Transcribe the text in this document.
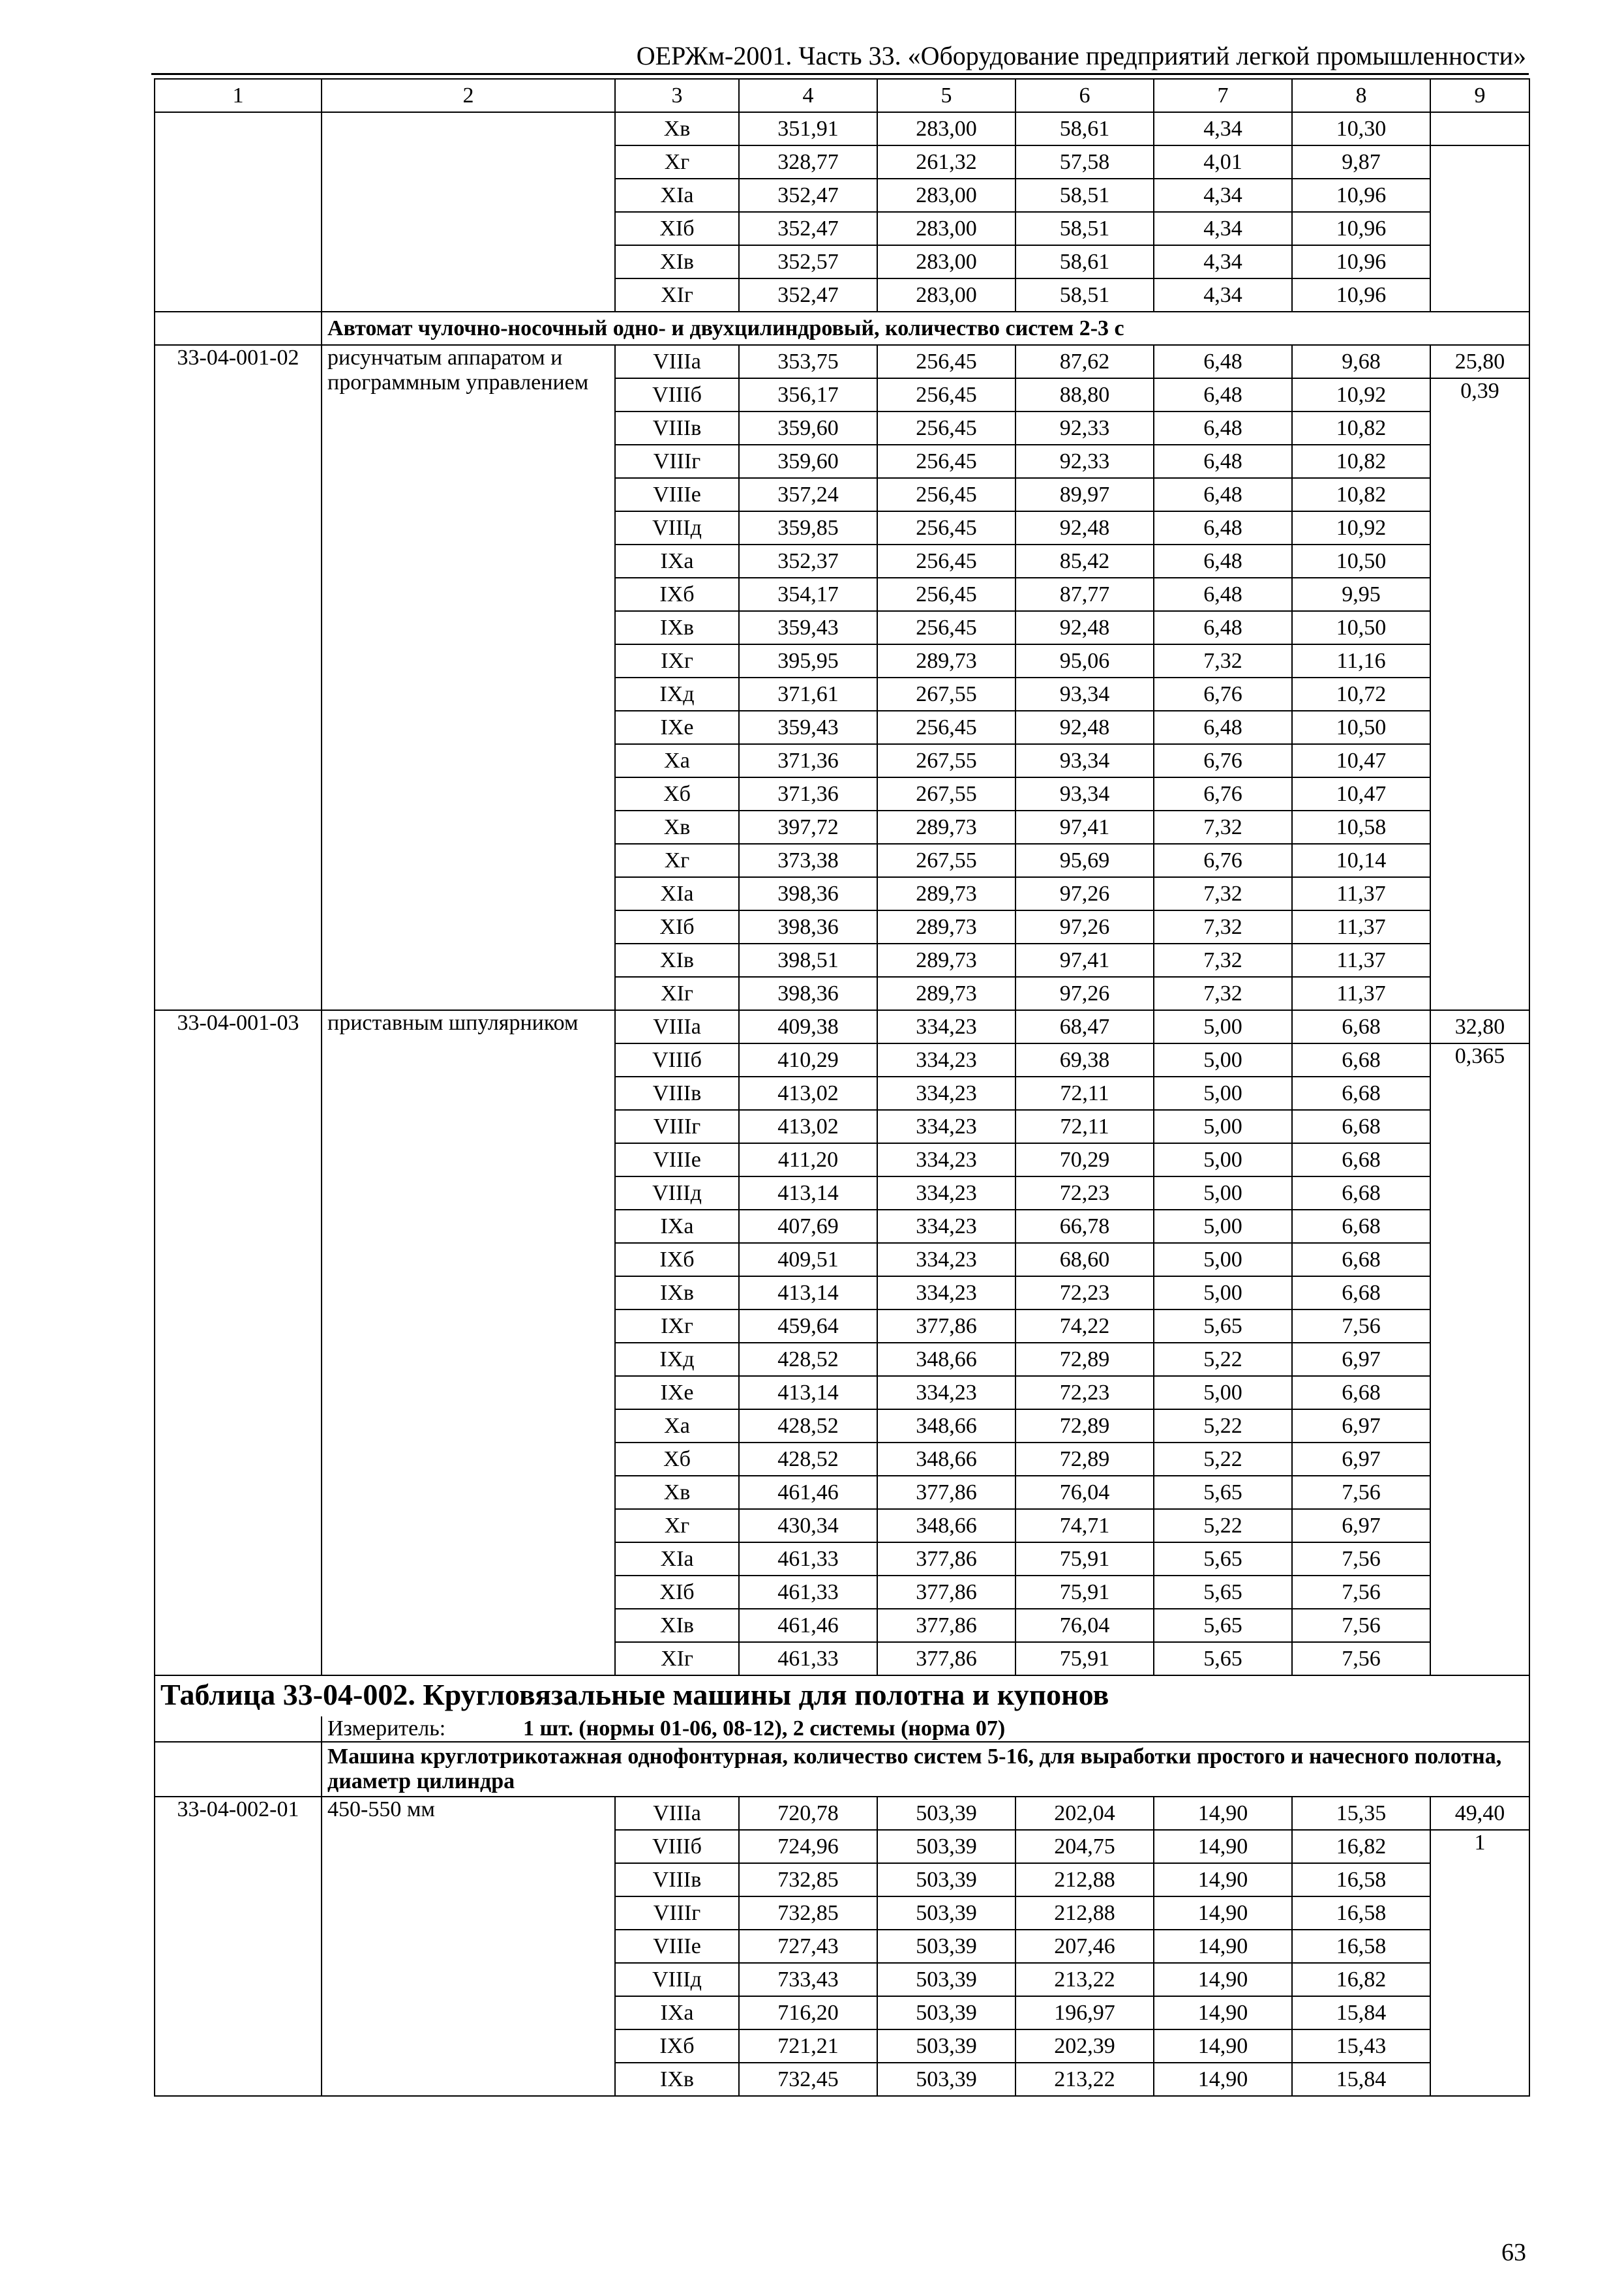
ОЕРЖм-2001. Часть 33. «Оборудование предприятий легкой промышленности»
1	2	3	4	5	6	7	8	9
		Xв	351,91	283,00	58,61	4,34	10,30	
		Xг	328,77	261,32	57,58	4,01	9,87	
		XIа	352,47	283,00	58,51	4,34	10,96	
		XIб	352,47	283,00	58,51	4,34	10,96	
		XIв	352,57	283,00	58,61	4,34	10,96	
		XIг	352,47	283,00	58,51	4,34	10,96	
	Автомат чулочно-носочный одно- и двухцилиндровый, количество систем 2-3 с							
33-04-001-02	рисунчатым аппаратом и программным управлением	VIIIа	353,75	256,45	87,62	6,48	9,68	25,80
		VIIIб	356,17	256,45	88,80	6,48	10,92	0,39
		VIIIв	359,60	256,45	92,33	6,48	10,82	
		VIIIг	359,60	256,45	92,33	6,48	10,82	
		VIIIе	357,24	256,45	89,97	6,48	10,82	
		VIIIд	359,85	256,45	92,48	6,48	10,92	
		IXа	352,37	256,45	85,42	6,48	10,50	
		IXб	354,17	256,45	87,77	6,48	9,95	
		IXв	359,43	256,45	92,48	6,48	10,50	
		IXг	395,95	289,73	95,06	7,32	11,16	
		IXд	371,61	267,55	93,34	6,76	10,72	
		IXе	359,43	256,45	92,48	6,48	10,50	
		Xа	371,36	267,55	93,34	6,76	10,47	
		Xб	371,36	267,55	93,34	6,76	10,47	
		Xв	397,72	289,73	97,41	7,32	10,58	
		Xг	373,38	267,55	95,69	6,76	10,14	
		XIа	398,36	289,73	97,26	7,32	11,37	
		XIб	398,36	289,73	97,26	7,32	11,37	
		XIв	398,51	289,73	97,41	7,32	11,37	
		XIг	398,36	289,73	97,26	7,32	11,37	
33-04-001-03	приставным шпулярником	VIIIа	409,38	334,23	68,47	5,00	6,68	32,80
		VIIIб	410,29	334,23	69,38	5,00	6,68	0,365
		VIIIв	413,02	334,23	72,11	5,00	6,68	
		VIIIг	413,02	334,23	72,11	5,00	6,68	
		VIIIе	411,20	334,23	70,29	5,00	6,68	
		VIIIд	413,14	334,23	72,23	5,00	6,68	
		IXа	407,69	334,23	66,78	5,00	6,68	
		IXб	409,51	334,23	68,60	5,00	6,68	
		IXв	413,14	334,23	72,23	5,00	6,68	
		IXг	459,64	377,86	74,22	5,65	7,56	
		IXд	428,52	348,66	72,89	5,22	6,97	
		IXе	413,14	334,23	72,23	5,00	6,68	
		Xа	428,52	348,66	72,89	5,22	6,97	
		Xб	428,52	348,66	72,89	5,22	6,97	
		Xв	461,46	377,86	76,04	5,65	7,56	
		Xг	430,34	348,66	74,71	5,22	6,97	
		XIа	461,33	377,86	75,91	5,65	7,56	
		XIб	461,33	377,86	75,91	5,65	7,56	
		XIв	461,46	377,86	76,04	5,65	7,56	
		XIг	461,33	377,86	75,91	5,65	7,56	
Таблица 33-04-002. Кругловязальные машины для полотна и купонов								
	Измеритель: 1 шт. (нормы 01-06, 08-12), 2 системы (норма 07)							
	Машина круглотрикотажная однофонтурная, количество систем 5-16, для выработки простого и начесного полотна, диаметр цилиндра							
33-04-002-01	450-550 мм	VIIIа	720,78	503,39	202,04	14,90	15,35	49,40
		VIIIб	724,96	503,39	204,75	14,90	16,82	1
		VIIIв	732,85	503,39	212,88	14,90	16,58	
		VIIIг	732,85	503,39	212,88	14,90	16,58	
		VIIIе	727,43	503,39	207,46	14,90	16,58	
		VIIIд	733,43	503,39	213,22	14,90	16,82	
		IXа	716,20	503,39	196,97	14,90	15,84	
		IXб	721,21	503,39	202,39	14,90	15,43	
		IXв	732,45	503,39	213,22	14,90	15,84	
63
